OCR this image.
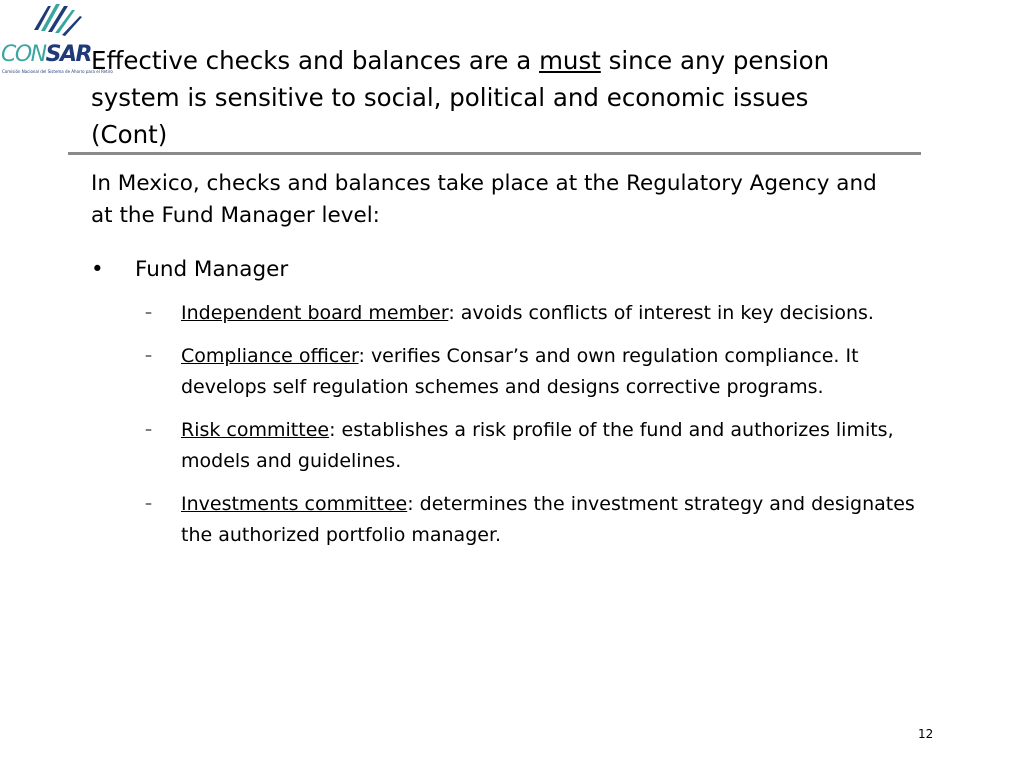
CONSAR
Comisión Nacional del Sistema de Ahorro para el Retiro
Effective checks and balances are a must since any pension system is sensitive to social, political and economic issues (Cont)

In Mexico, checks and balances take place at the Regulatory Agency and at the Fund Manager level:

• Fund Manager

– Independent board member: avoids conflicts of interest in key decisions.
– Compliance officer: verifies Consar’s and own regulation compliance. It develops self regulation schemes and designs corrective programs.
– Risk committee: establishes a risk profile of the fund and authorizes limits, models and guidelines.
– Investments committee: determines the investment strategy and designates the authorized portfolio manager.
12
